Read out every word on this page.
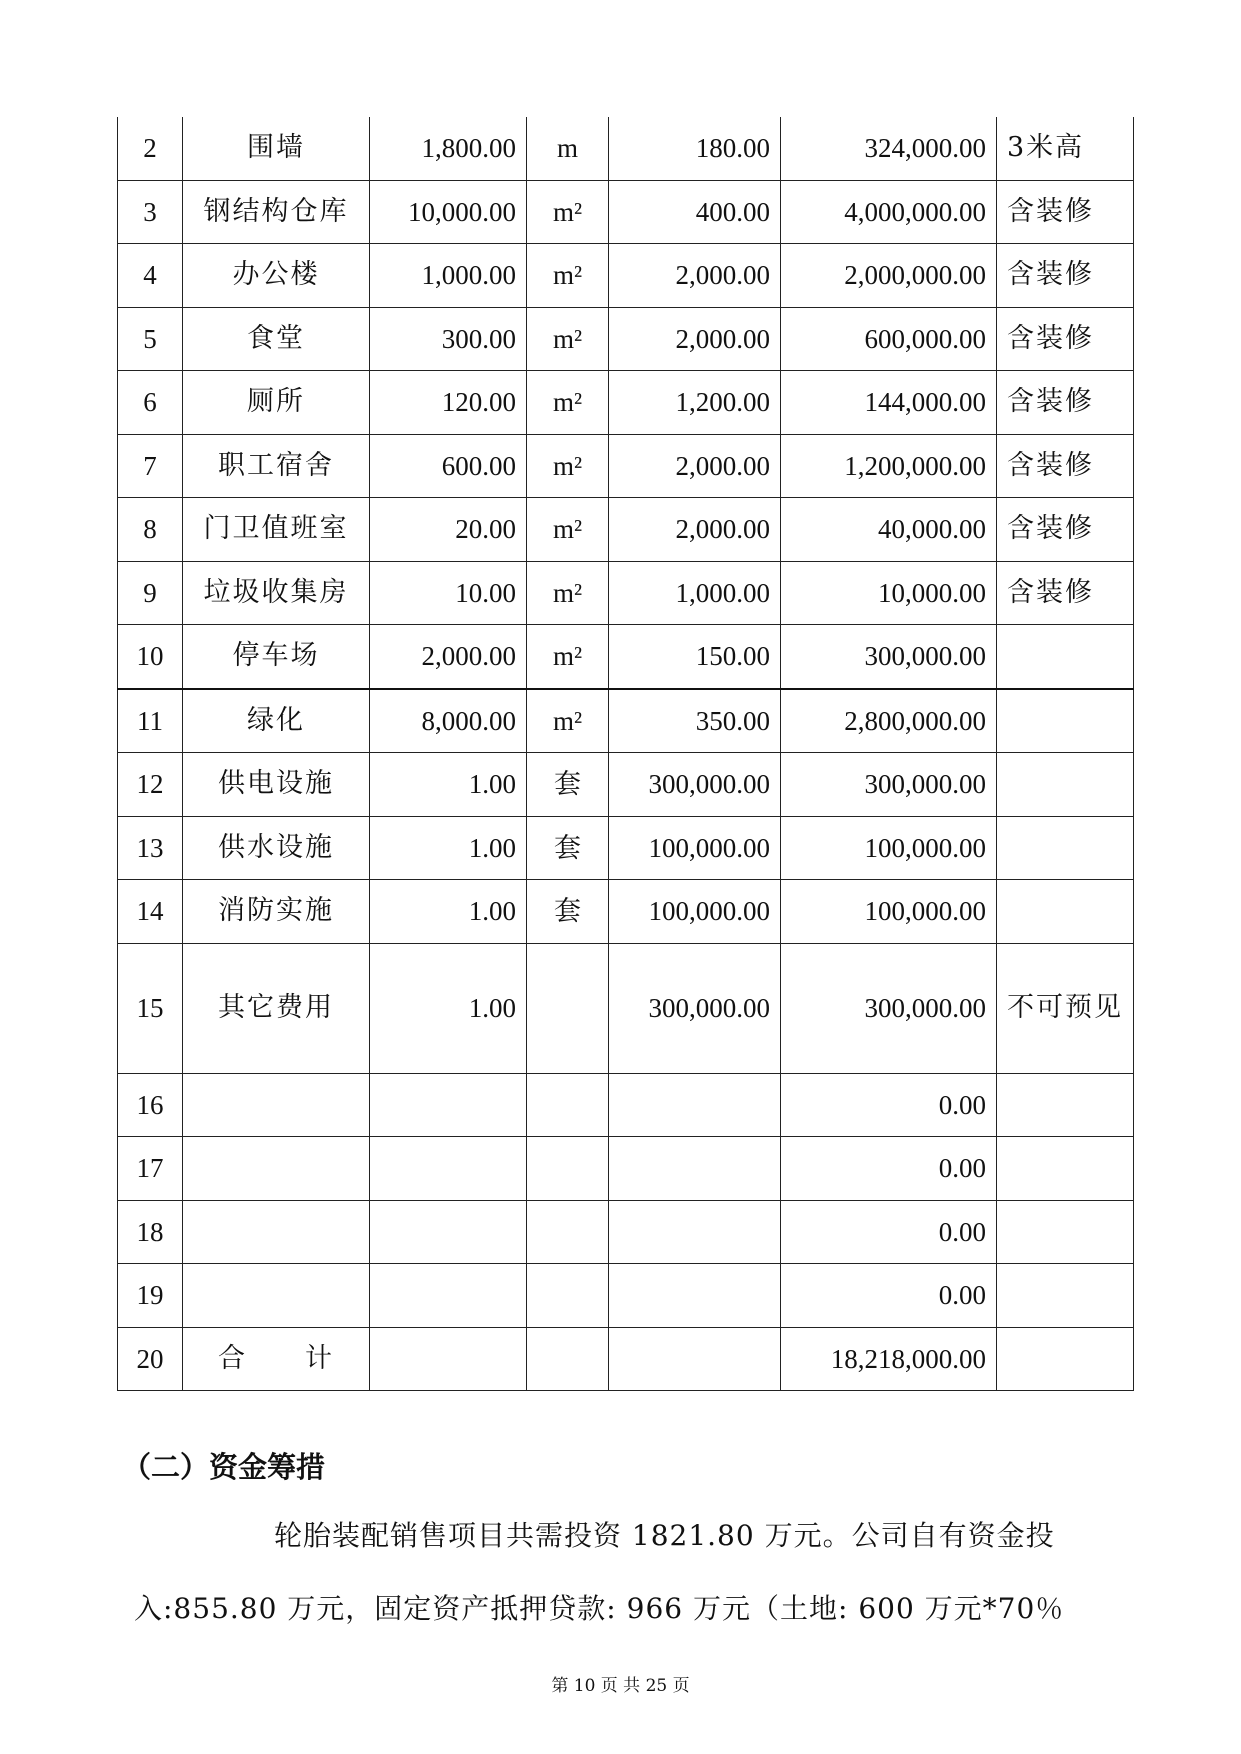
2	围墙	1,800.00	m	180.00	324,000.00	3米高
3	钢结构仓库	10,000.00	m²	400.00	4,000,000.00	含装修
4	办公楼	1,000.00	m²	2,000.00	2,000,000.00	含装修
5	食堂	300.00	m²	2,000.00	600,000.00	含装修
6	厕所	120.00	m²	1,200.00	144,000.00	含装修
7	职工宿舍	600.00	m²	2,000.00	1,200,000.00	含装修
8	门卫值班室	20.00	m²	2,000.00	40,000.00	含装修
9	垃圾收集房	10.00	m²	1,000.00	10,000.00	含装修
10	停车场	2,000.00	m²	150.00	300,000.00	
11	绿化	8,000.00	m²	350.00	2,800,000.00	
12	供电设施	1.00	套	300,000.00	300,000.00	
13	供水设施	1.00	套	100,000.00	100,000.00	
14	消防实施	1.00	套	100,000.00	100,000.00	
15	其它费用	1.00		300,000.00	300,000.00	不可预见
16					0.00	
17					0.00	
18					0.00	
19					0.00	
20	合　　计				18,218,000.00	
（二）资金筹措
轮胎装配销售项目共需投资 1821.80 万元。公司自有资金投
入:855.80 万元，固定资产抵押贷款: 966 万元（土地: 600 万元*70％
第 10 页 共 25 页
